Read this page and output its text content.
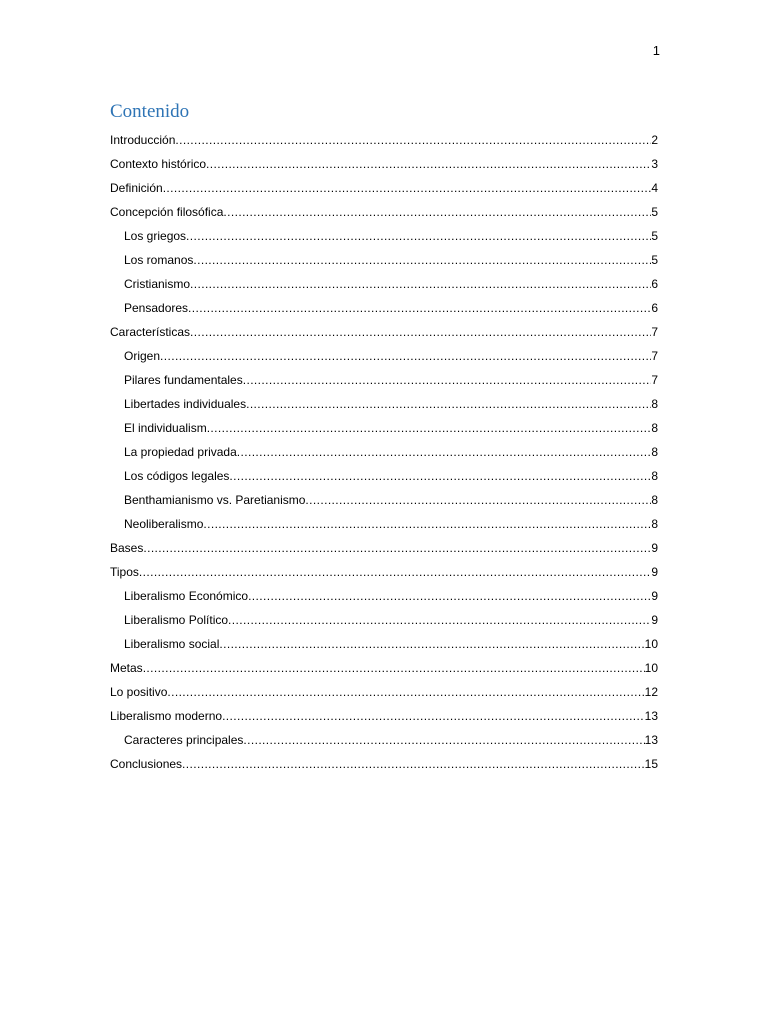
1
Contenido
Introducción .....	2
Contexto histórico .....	3
Definición .....	4
Concepción filosófica .....	5
Los griegos .....	5
Los romanos .....	5
Cristianismo .....	6
Pensadores .....	6
Características .....	7
Origen .....	7
Pilares fundamentales .....	7
Libertades individuales .....	8
El individualism .....	8
La propiedad privada .....	8
Los códigos legales .....	8
Benthamianismo vs. Paretianismo .....	8
Neoliberalismo .....	8
Bases .....	9
Tipos .....	9
Liberalismo Económico .....	9
Liberalismo Político .....	9
Liberalismo social .....	10
Metas .....	10
Lo positivo .....	12
Liberalismo moderno .....	13
Caracteres principales .....	13
Conclusiones .....	15
